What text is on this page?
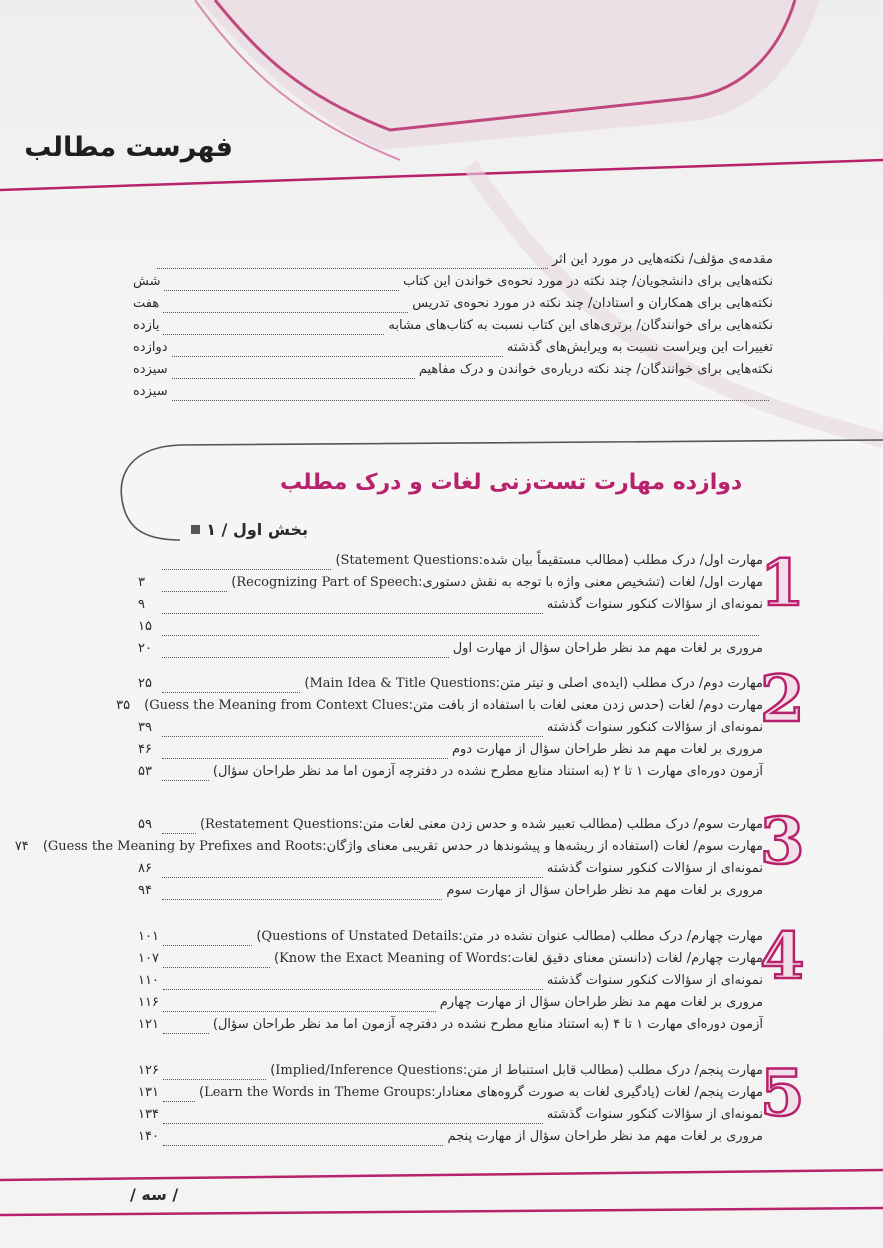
فهرست مطالب
مقدمه‌ی مؤلف/ نکته‌هایی در مورد این اثر
نکته‌هایی برای دانشجویان/ چند نکته در مورد نحوه‌ی خواندن این کتاب
شش
نکته‌هایی برای همکاران و استادان/ چند نکته در مورد نحوه‌ی تدریس
هفت
نکته‌هایی برای خوانندگان/ برتری‌های این کتاب نسبت به کتاب‌های مشابه
یازده
تغییرات این ویراست نسبت به ویرایش‌های گذشته
دوازده
نکته‌هایی برای خوانندگان/ چند نکته درباره‌ی خواندن و درک مفاهیم
سیزده
سیزده
دوازده مهارت تست‌زنی لغات و درک مطلب
بخش اول / ۱
1
مهارت اول/ درک مطلب (مطالب مستقیماً بیان شده:
Statement Questions
)
مهارت اول/ لغات (تشخیص معنی واژه با توجه به نقش دستوری:
Recognizing Part of Speech
)
۳
نمونه‌ای از سؤالات کنکور سنوات گذشته
۹
۱۵
مروری بر لغات مهم مد نظر طراحان سؤال از مهارت اول
۲۰
2
مهارت دوم/ درک مطلب (ایده‌ی اصلی و تیتر متن:
Main Idea & Title Questions
)
۲۵
مهارت دوم/ لغات (حدس زدن معنی لغات با استفاده از بافت متن:
Guess the Meaning from Context Clues
)
۳۵
نمونه‌ای از سؤالات کنکور سنوات گذشته
۳۹
مروری بر لغات مهم مد نظر طراحان سؤال از مهارت دوم
۴۶
آزمون دوره‌ای مهارت ۱ تا ۲ (به استناد منابع مطرح نشده در دفترچه آزمون اما مد نظر طراحان سؤال)
۵۳
3
مهارت سوم/ درک مطلب (مطالب تعبیر شده و حدس زدن معنی لغات متن:
Restatement Questions
)
۵۹
مهارت سوم/ لغات (استفاده از ریشه‌ها و پیشوندها در حدس تقریبی معنای واژگان:
Guess the Meaning by Prefixes and Roots
)
۷۴
نمونه‌ای از سؤالات کنکور سنوات گذشته
۸۶
مروری بر لغات مهم مد نظر طراحان سؤال از مهارت سوم
۹۴
4
مهارت چهارم/ درک مطلب (مطالب عنوان نشده در متن:
Questions of Unstated Details
)
۱۰۱
مهارت چهارم/ لغات (دانستن معنای دقیق لغات:
Know the Exact Meaning of Words
)
۱۰۷
نمونه‌ای از سؤالات کنکور سنوات گذشته
۱۱۰
مروری بر لغات مهم مد نظر طراحان سؤال از مهارت چهارم
۱۱۶
آزمون دوره‌ای مهارت ۱ تا ۴ (به استناد منابع مطرح نشده در دفترچه آزمون اما مد نظر طراحان سؤال)
۱۲۱
5
مهارت پنجم/ درک مطلب (مطالب قابل استنباط از متن:
Implied/Inference Questions
)
۱۲۶
مهارت پنجم/ لغات (یادگیری لغات به صورت گروه‌های معنادار:
Learn the Words in Theme Groups
)
۱۳۱
نمونه‌ای از سؤالات کنکور سنوات گذشته
۱۳۴
مروری بر لغات مهم مد نظر طراحان سؤال از مهارت پنجم
۱۴۰
/ سه /
